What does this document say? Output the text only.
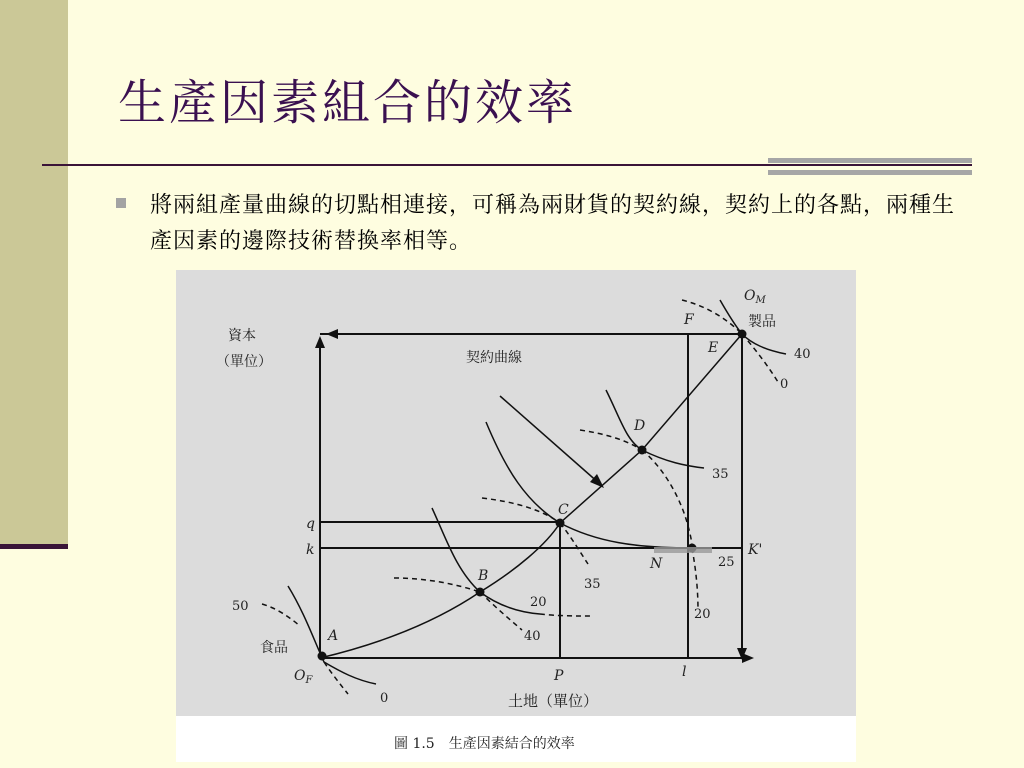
生產因素組合的效率

將兩組產量曲線的切點相連接，可稱為兩財貨的契約線，契約上的各點，兩種生產因素的邊際技術替換率相等。

資本
（單位）	契約曲線
$O_F$
食品
$O_M$
製品
A
B
C
D
E
N
q
k
P	l
F
K'
50
0
20
40
35
25
35
40
0
20
土地（單位）
圖 1.5　生產因素結合的效率
